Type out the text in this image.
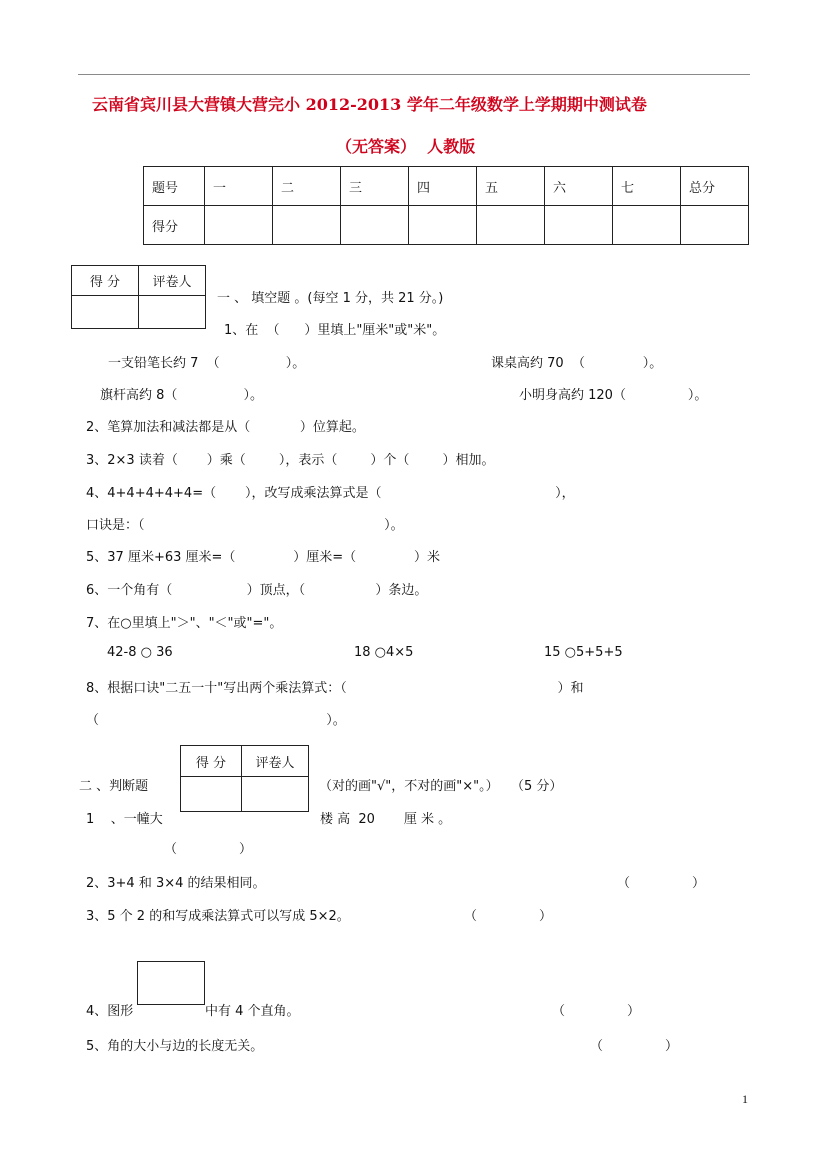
云南省宾川县大营镇大营完小 2012-2013 学年二年级数学上学期期中测试卷
（无答案）  人教版
题号	一	二	三	四	五	六	七	总分
得分								
得 分	评卷人

一 、 填空题 。(每空 1 分，共 21 分。)
1、在  （      ）里填上"厘米"或"米"。
一支铅笔长约 7  （                ）。	课桌高约 70  （              ）。
旗杆高约 8（                ）。	小明身高约 120（               ）。
2、笔算加法和减法都是从（            ）位算起。
3、2×3 读着（       ）乘（        ），表示（        ）个（        ）相加。
4、4+4+4+4+4=（       ），改写成乘法算式是（                                          ），
口诀是：（                                                          ）。
5、37 厘米+63 厘米=（              ）厘米=（              ）米
6、一个角有（                  ）顶点，（                 ）条边。
7、在○里填上"＞"、"＜"或"="。
42-8 ○ 36	18 ○4×5	15 ○5+5+5
8、根据口诀"二五一十"写出两个乘法算式：（                                                   ）和
（                                                       ）。
得 分	评卷人

二 、判断题	（对的画"√"，不对的画"×"。）   （5 分）
1    、一幢大	楼 高  20       厘 米 。
（               ）
2、3+4 和 3×4 的结果相同。	（               ）
3、5 个 2 的和写成乘法算式可以写成 5×2。	（               ）
4、图形	中有 4 个直角。	（               ）
5、角的大小与边的长度无关。	（               ）
1
